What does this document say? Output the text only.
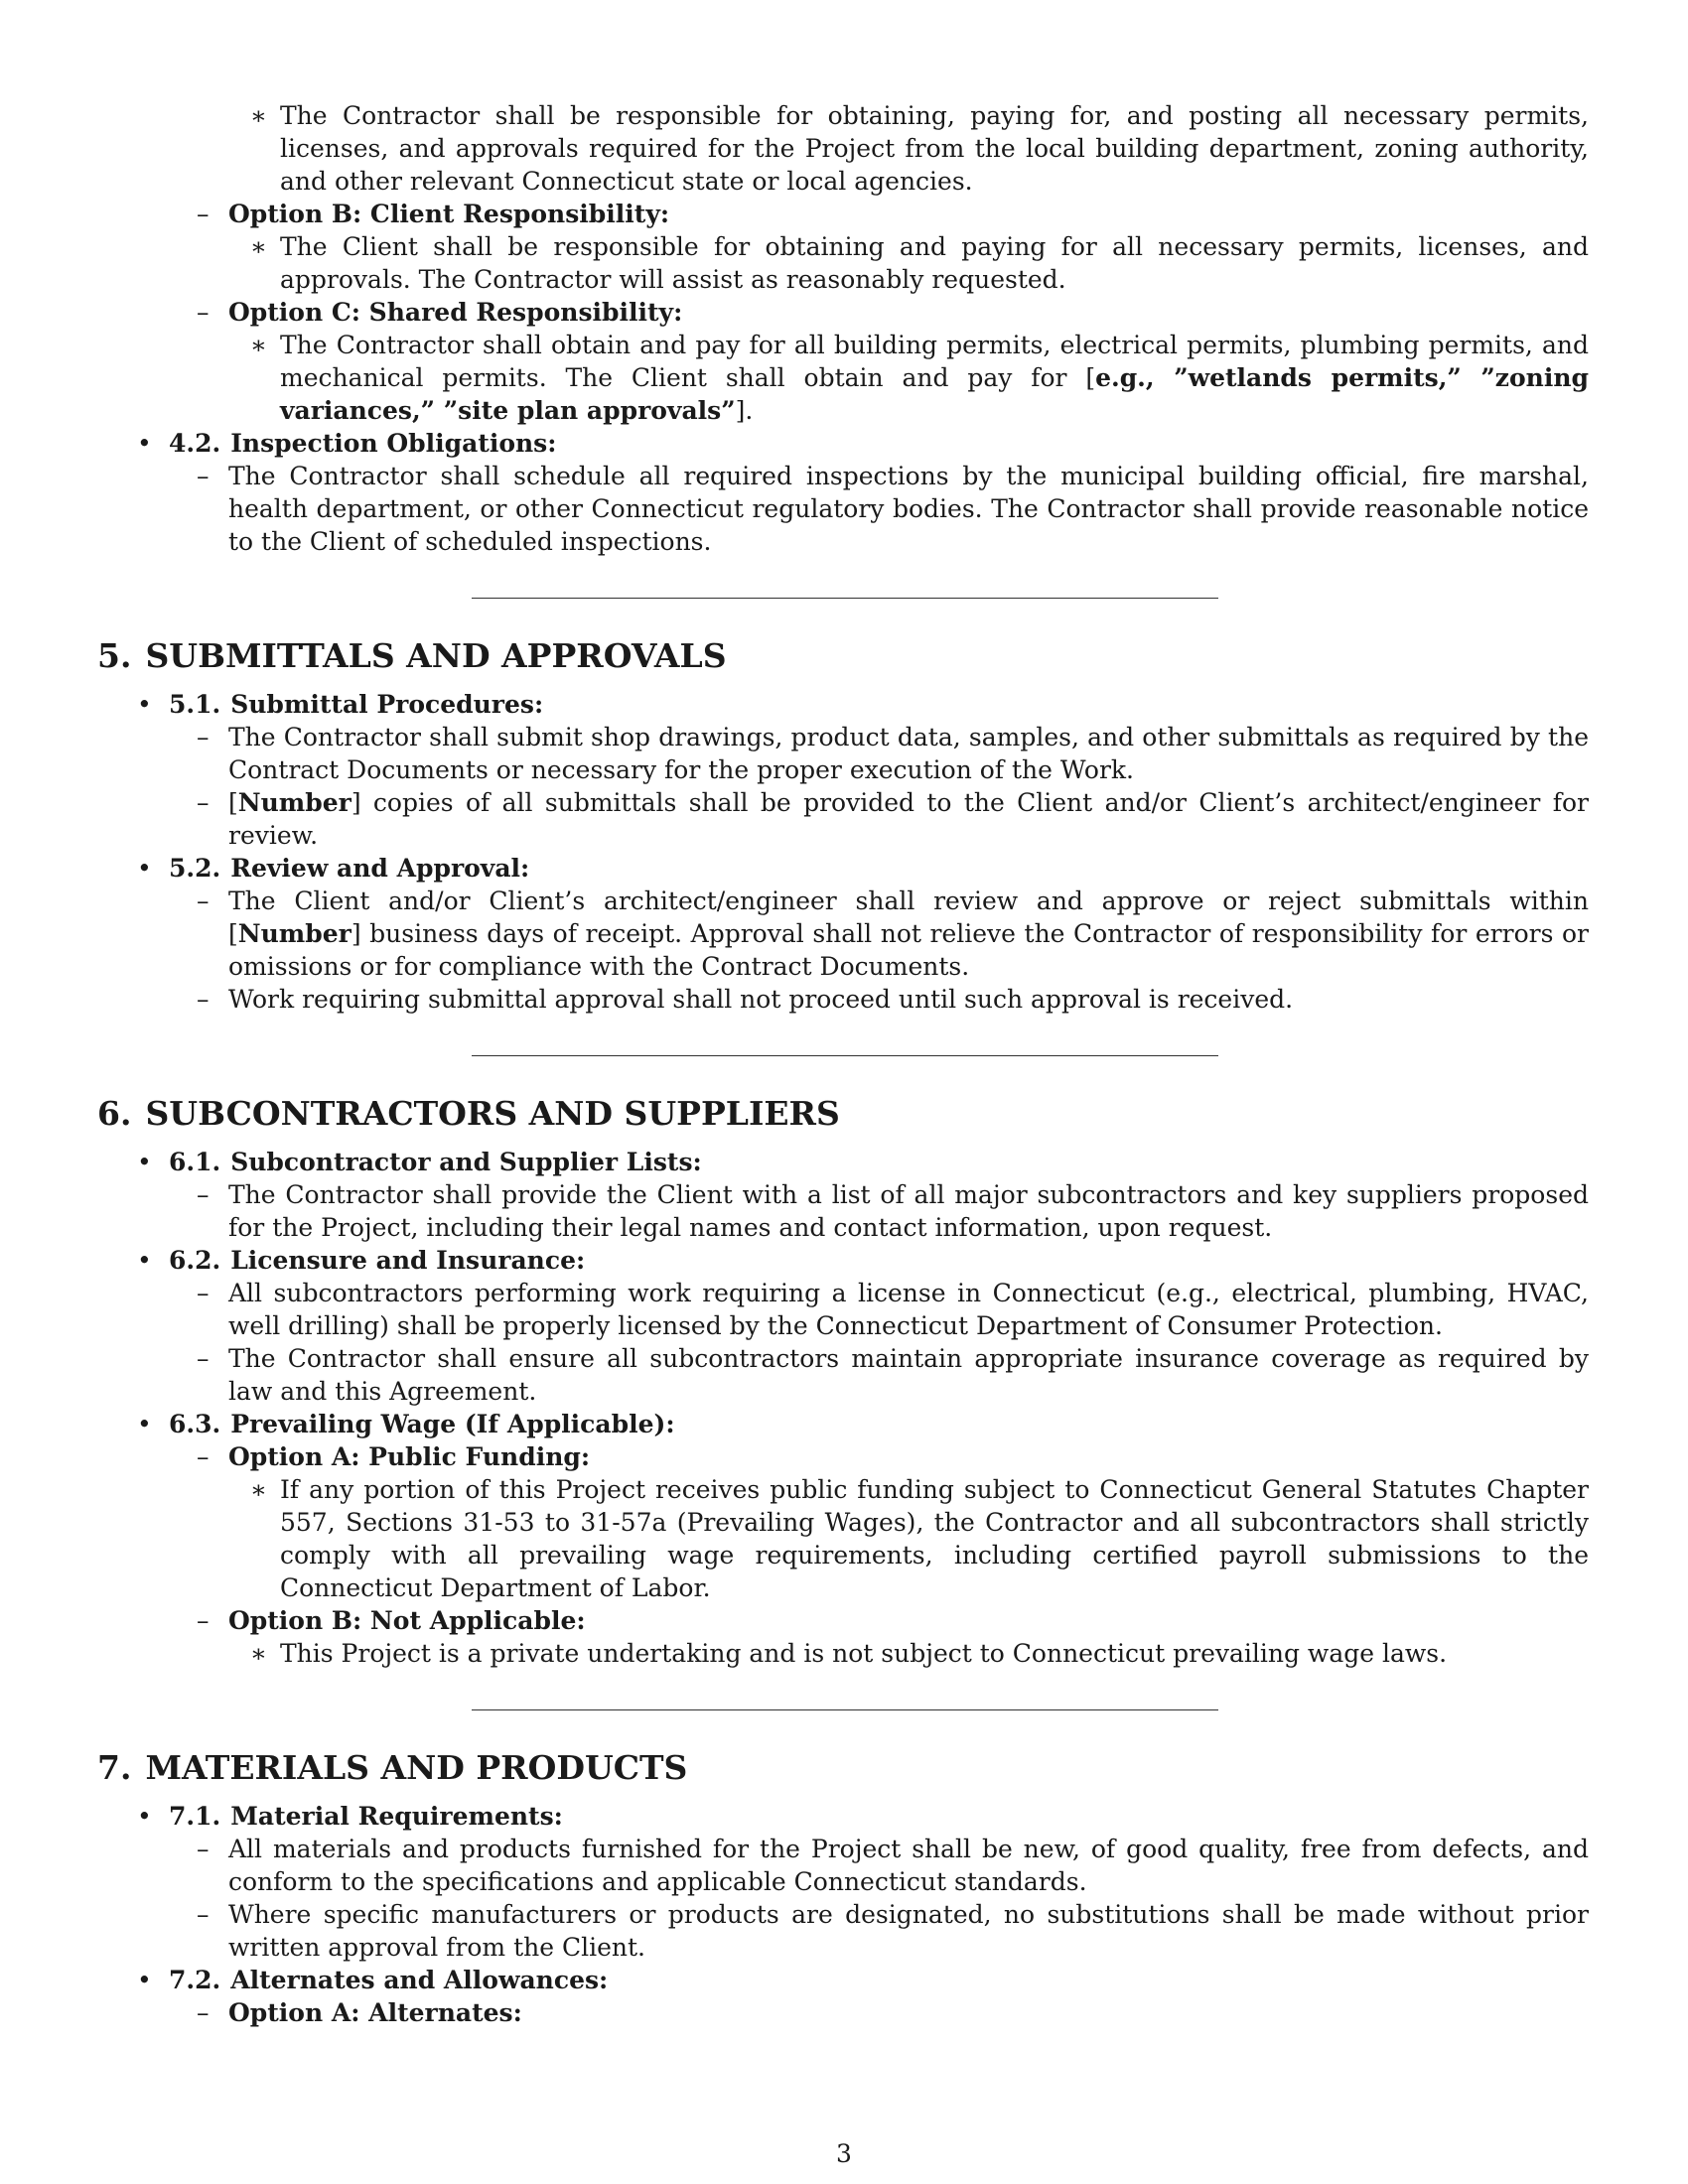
∗ The Contractor shall be responsible for obtaining, paying for, and posting all necessary permits, licenses, and approvals required for the Project from the local building department, zoning authority, and other relevant Connecticut state or local agencies.

– Option B: Client Responsibility:
∗ The Client shall be responsible for obtaining and paying for all necessary permits, licenses, and approvals. The Contractor will assist as reasonably requested.

– Option C: Shared Responsibility:
∗ The Contractor shall obtain and pay for all building permits, electrical permits, plumbing permits, and mechanical permits. The Client shall obtain and pay for [e.g., ”wetlands permits,” ”zoning variances,” ”site plan approvals”].

• 4.2. Inspection Obligations:
– The Contractor shall schedule all required inspections by the municipal building official, fire marshal, health department, or other Connecticut regulatory bodies. The Contractor shall provide reasonable notice to the Client of scheduled inspections.

5. SUBMITTALS AND APPROVALS
• 5.1. Submittal Procedures:
– The Contractor shall submit shop drawings, product data, samples, and other submittals as required by the Contract Documents or necessary for the proper execution of the Work.

– [Number] copies of all submittals shall be provided to the Client and/or Client’s architect/engineer for review.

• 5.2. Review and Approval:
– The Client and/or Client’s architect/engineer shall review and approve or reject submittals within [Number] business days of receipt. Approval shall not relieve the Contractor of responsibility for errors or omissions or for compliance with the Contract Documents.

– Work requiring submittal approval shall not proceed until such approval is received.

6. SUBCONTRACTORS AND SUPPLIERS
• 6.1. Subcontractor and Supplier Lists:
– The Contractor shall provide the Client with a list of all major subcontractors and key suppliers proposed for the Project, including their legal names and contact information, upon request.

• 6.2. Licensure and Insurance:
– All subcontractors performing work requiring a license in Connecticut (e.g., electrical, plumbing, HVAC, well drilling) shall be properly licensed by the Connecticut Department of Consumer Protection.

– The Contractor shall ensure all subcontractors maintain appropriate insurance coverage as required by law and this Agreement.

• 6.3. Prevailing Wage (If Applicable):
– Option A: Public Funding:
∗ If any portion of this Project receives public funding subject to Connecticut General Statutes Chapter 557, Sections 31-53 to 31-57a (Prevailing Wages), the Contractor and all subcontractors shall strictly comply with all prevailing wage requirements, including certified payroll submissions to the Connecticut Department of Labor.

– Option B: Not Applicable:
∗ This Project is a private undertaking and is not subject to Connecticut prevailing wage laws.

7. MATERIALS AND PRODUCTS
• 7.1. Material Requirements:
– All materials and products furnished for the Project shall be new, of good quality, free from defects, and conform to the specifications and applicable Connecticut standards.

– Where specific manufacturers or products are designated, no substitutions shall be made without prior written approval from the Client.

• 7.2. Alternates and Allowances:
– Option A: Alternates:
3
